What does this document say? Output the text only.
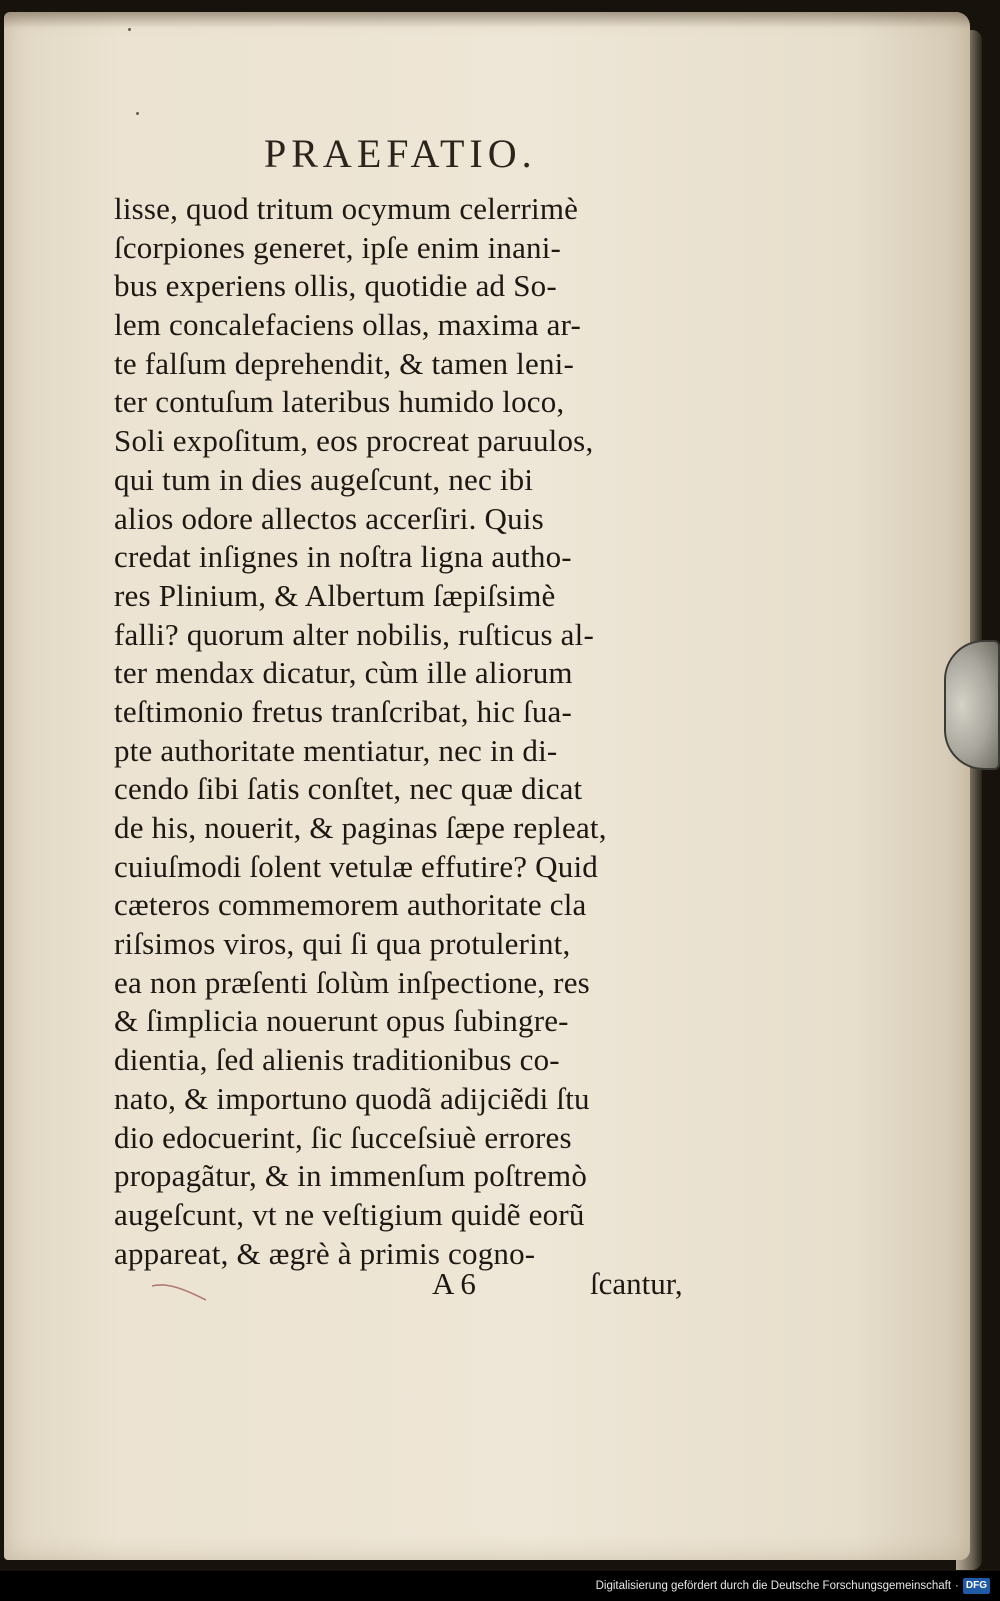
PRAEFATIO.
lisse, quod tritum ocymum celerrimè
ſcorpiones generet, ipſe enim inani-
bus experiens ollis, quotidie ad So-
lem concalefaciens ollas, maxima ar-
te falſum deprehendit, & tamen leni-
ter contuſum lateribus humido loco,
Soli expoſitum, eos procreat paruulos,
qui tum in dies augeſcunt, nec ibi
alios odore allectos accerſiri. Quis
credat inſignes in noſtra ligna autho-
res Plinium, & Albertum ſæpiſsimè
falli? quorum alter nobilis, ruſticus al-
ter mendax dicatur, cùm ille aliorum
teſtimonio fretus tranſcribat, hic ſua-
pte authoritate mentiatur, nec in di-
cendo ſibi ſatis conſtet, nec quæ dicat
de his, nouerit, & paginas ſæpe repleat,
cuiuſmodi ſolent vetulæ effutire? Quid
cæteros commemorem authoritate cla
riſsimos viros, qui ſi qua protulerint,
ea non præſenti ſolùm inſpectione, res
& ſimplicia nouerunt opus ſubingre-
dientia, ſed alienis traditionibus co-
nato, & importuno quodã adijciẽdi ſtu
dio edocuerint, ſic ſucceſsiuè errores
propagãtur, & in immenſum poſtremò
augeſcunt, vt ne veſtigium quidẽ eorũ
appareat, & ægrè à primis cogno-
A 6	ſcantur,
Digitalisierung gefördert durch die Deutsche Forschungsgemeinschaft · DFG
